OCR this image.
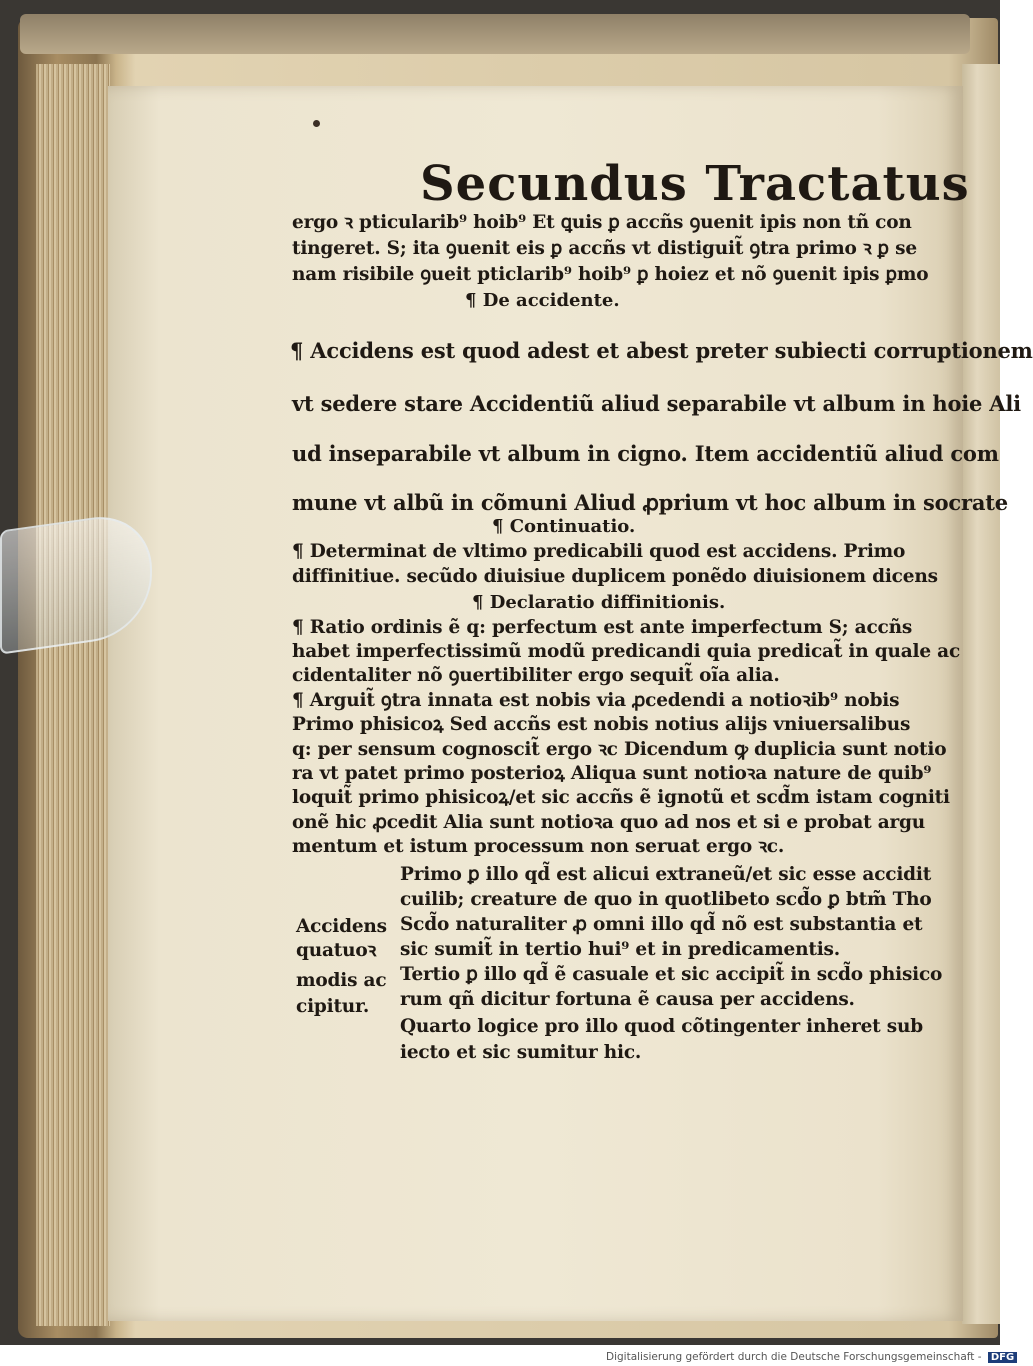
Secundus Tractatus
ergo ꝛ pticularib⁹ hoib⁹ Et ꝗuis ꝑ accñs ꝯuenit ipis non tñ con
tingeret. S; ita ꝯuenit eis ꝑ accñs vt distiguit̃ ꝯtra primo ꝛ ꝑ se
nam risibile ꝯueit pticlarib⁹ hoib⁹ ꝑ hoiez et nõ ꝯuenit ipis ꝑmo
¶ De accidente.
¶ Accidens est quod adest et abest preter subiecti corruptionem
vt sedere stare Accidentiũ aliud separabile vt album in hoie Ali
ud inseparabile vt album in cigno. Item accidentiũ aliud com
mune vt albũ in cõmuni Aliud ꝓprium vt hoc album in socrate
¶ Continuatio.
¶ Determinat de vltimo predicabili quod est accidens. Primo
diffinitiue. secũdo diuisiue duplicem ponẽdo diuisionem dicens
¶ Declaratio diffinitionis.
¶ Ratio ordinis ẽ q: perfectum est ante imperfectum S; accñs
habet imperfectissimũ modũ predicandi quia predicat̃ in quale ac
cidentaliter nõ ꝯuertibiliter ergo sequit̃ oĩa alia.
¶ Arguit̃ ꝯtra innata est nobis via ꝓcedendi a notioꝛib⁹ nobis
Primo phisicoꝝ Sed accñs est nobis notius alijs vniuersalibus
q: per sensum cognoscit̃ ergo ꝛc Dicendum ꝙ duplicia sunt notio
ra vt patet primo posterioꝝ Aliqua sunt notioꝛa nature de quib⁹
loquit̃ primo phisicoꝝ/et sic accñs ẽ ignotũ et scd̃m istam cogniti
onẽ hic ꝓcedit Alia sunt notioꝛa quo ad nos et si e probat argu
mentum et istum processum non seruat ergo ꝛc.
Accidens
quatuoꝛ
modis ac
cipitur.
Primo ꝑ illo qd̃ est alicui extraneũ/et sic esse accidit
cuilib; creature de quo in quotlibeto scd̃o ꝑ btm̃ Tho
Scd̃o naturaliter ꝓ omni illo qd̃ nõ est substantia et
sic sumit̃ in tertio hui⁹ et in predicamentis.
Tertio ꝑ illo qd̃ ẽ casuale et sic accipit̃ in scd̃o phisico
rum qñ dicitur fortuna ẽ causa per accidens.
Quarto logice pro illo quod cõtingenter inheret sub
iecto et sic sumitur hic.
Digitalisierung gefördert durch die Deutsche Forschungsgemeinschaft - DFG
